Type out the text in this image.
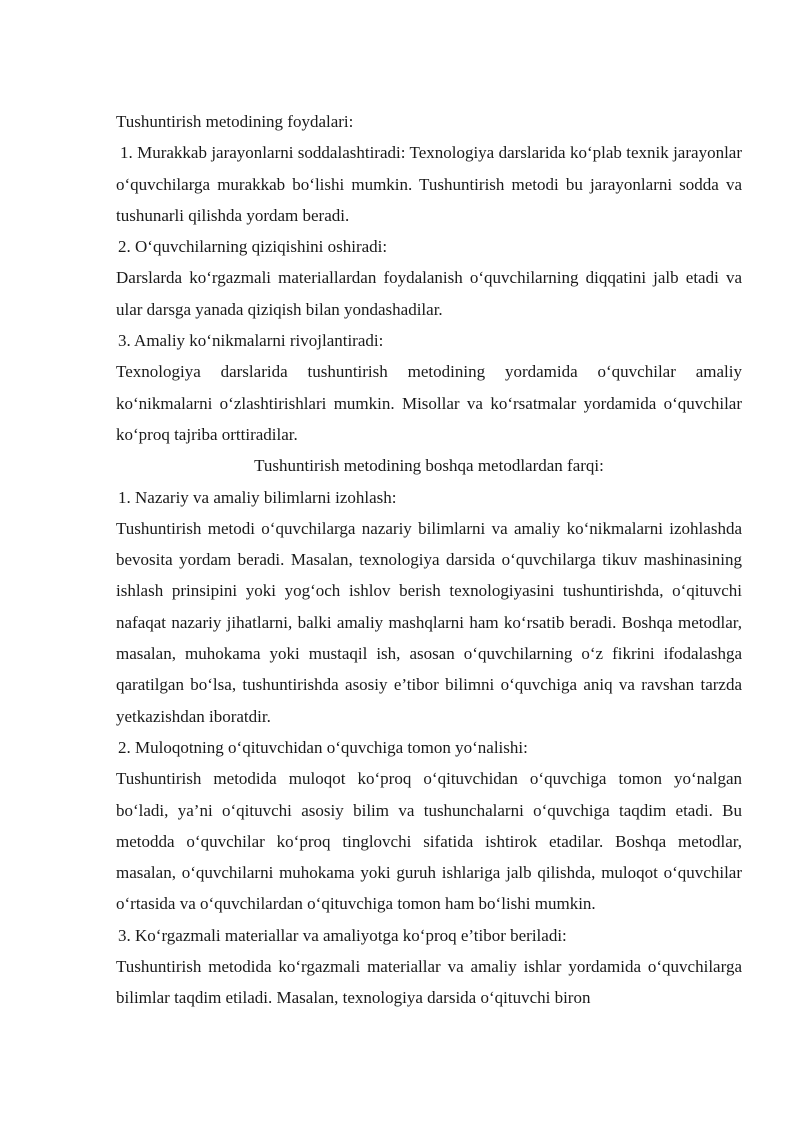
Tushuntirish metodining foydalari:

1. Murakkab jarayonlarni soddalashtiradi: Texnologiya darslarida ko‘plab texnik jarayonlar o‘quvchilarga murakkab bo‘lishi mumkin. Tushuntirish metodi bu jarayonlarni sodda va tushunarli qilishda yordam beradi.

2. O‘quvchilarning qiziqishini oshiradi:

Darslarda ko‘rgazmali materiallardan foydalanish o‘quvchilarning diqqatini jalb etadi va ular darsga yanada qiziqish bilan yondashadilar.

3. Amaliy ko‘nikmalarni rivojlantiradi:

Texnologiya darslarida tushuntirish metodining yordamida o‘quvchilar amaliy ko‘nikmalarni o‘zlashtirishlari mumkin. Misollar va ko‘rsatmalar yordamida o‘quvchilar ko‘proq tajriba orttiradilar.

Tushuntirish metodining boshqa metodlardan farqi:

1. Nazariy va amaliy bilimlarni izohlash:

Tushuntirish metodi o‘quvchilarga nazariy bilimlarni va amaliy ko‘nikmalarni izohlashda bevosita yordam beradi. Masalan, texnologiya darsida o‘quvchilarga tikuv mashinasining ishlash prinsipini yoki yog‘och ishlov berish texnologiyasini tushuntirishda, o‘qituvchi nafaqat nazariy jihatlarni, balki amaliy mashqlarni ham ko‘rsatib beradi. Boshqa metodlar, masalan, muhokama yoki mustaqil ish, asosan o‘quvchilarning o‘z fikrini ifodalashga qaratilgan bo‘lsa, tushuntirishda asosiy e’tibor bilimni o‘quvchiga aniq va ravshan tarzda yetkazishdan iboratdir.

2. Muloqotning o‘qituvchidan o‘quvchiga tomon yo‘nalishi:

Tushuntirish metodida muloqot ko‘proq o‘qituvchidan o‘quvchiga tomon yo‘nalgan bo‘ladi, ya’ni o‘qituvchi asosiy bilim va tushunchalarni o‘quvchiga taqdim etadi. Bu metodda o‘quvchilar ko‘proq tinglovchi sifatida ishtirok etadilar. Boshqa metodlar, masalan, o‘quvchilarni muhokama yoki guruh ishlariga jalb qilishda, muloqot o‘quvchilar o‘rtasida va o‘quvchilardan o‘qituvchiga tomon ham bo‘lishi mumkin.

3. Ko‘rgazmali materiallar va amaliyotga ko‘proq e’tibor beriladi:

Tushuntirish metodida ko‘rgazmali materiallar va amaliy ishlar yordamida o‘quvchilarga bilimlar taqdim etiladi. Masalan, texnologiya darsida o‘qituvchi biron
